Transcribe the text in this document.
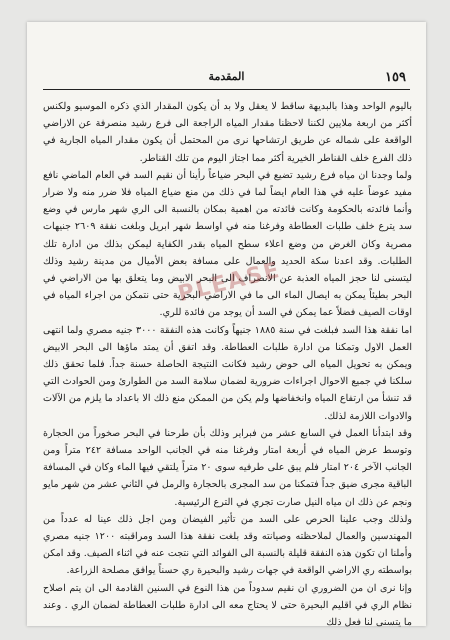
١٥٩
المقدمة

باليوم الواحد وهذا بالبديهة ساقط لا يعقل ولا بد أن يكون المقدار الذي ذكره الموسيو ولكنس أكثر من اربعة ملايين لكننا لاحظنا مقدار المياه الراجعة الى فرع رشيد منصرفة عن الاراضي الواقعة على شماله عن طريق ارتشاحها نرى من المحتمل أن يكون مقدار المياه الجارية في ذلك الفرع خلف القناطر الخيرية أكثر مما اجتاز اليوم من تلك القناطر.

ولما وجدنا ان مياه فرع رشيد تضيع في البحر ضياعاً رأينا أن نقيم السد في العام الماضي نافع مفيد عوضاً عليه في هذا العام ايضاً لما في ذلك من منع ضياع المياه فلا ضرر منه ولا ضرار وأنما فائدته بالحكومة وكانت فائدته من اهمية بمكان بالنسبة الى الري شهر مارس في وضع سد يترع خلف طلبات العطاطة وفرغنا منه في اواسط شهر ابريل وبلغت نفقة ٢٦٠٩ جنيهات مصرية وكان الغرض من وضع اعلاء سطح المياه بقدر الكفاية ليمكن بذلك من ادارة تلك الطلبات. وقد اعدنا سكة الحديد والعمال على مسافة بعض الأميال من مدينة رشيد وذلك ليتسنى لنا حجز المياه العذبة عن الانصراف الى البحر الابيض وما يتعلق بها من الاراضي في البحر بطيئاً يمكن به ايصال الماء الى ما في الاراضي البحرية حتى نتمكن من اجراء المياه في اوقات الصيف فضلاً عما يمكن في السد أن يوجد من فائدة للري.

اما نفقة هذا السد فبلغت في سنة ١٨٨٥ جنيهاً وكانت هذه النفقة ٣٠٠٠ جنيه مصري ولما انتهى العمل الاول وتمكنا من ادارة طلبات العطاطة. وقد اتفق أن يمتد ماؤها الى البحر الابيض ويمكن به تحويل المياه الى حوض رشيد فكانت النتيجة الحاصلة حسنة جداً. فلما تحقق ذلك سلكنا في جميع الاحوال اجراءات ضرورية لضمان سلامة السد من الطوارئ ومن الحوادث التي قد تنشأ من ارتفاع المياه وانخفاضها ولم يكن من الممكن منع ذلك الا باعداد ما يلزم من الآلات والادوات اللازمة لذلك.

وقد ابتدأنا العمل في السابع عشر من فبراير وذلك بأن طرحنا في البحر صخوراً من الحجارة وتوسط عرض المياه في أربعة امتار وفرغنا منه في الجانب الواحد مسافة ٢٤٢ متراً ومن الجانب الآخر ٢٠٤ امتار فلم يبق على طرفيه سوى ٢٠ متراً يلتقي فيها الماء وكان في المسافة الباقية مجرى ضيق جداً فتمكنا من سد المجرى بالحجارة والرمل في الثاني عشر من شهر مايو ونجم عن ذلك ان مياه النيل صارت تجري في الترع الرئيسية.

ولذلك وجب علينا الحرص على السد من تأثير الفيضان ومن اجل ذلك عينا له عدداً من المهندسين والعمال لملاحظته وصيانته وقد بلغت نفقة هذا السد ومراقبته ١٢٠٠ جنيه مصري وأملنا ان تكون هذه النفقة قليلة بالنسبة الى الفوائد التي نتجت عنه في اثناء الصيف. وقد امكن بواسطته ري الاراضي الواقعة في جهات رشيد والبحيرة ري حسناً يوافق مصلحة الزراعة.

وإنا نرى ان من الضروري ان نقيم سدوداً من هذا النوع في السنين القادمة الى ان يتم اصلاح نظام الري في اقليم البحيرة حتى لا يحتاج معه الى ادارة طلبات العطاطة لضمان الري . وعند ما يتسنى لنا فعل ذلك

PLEASE
